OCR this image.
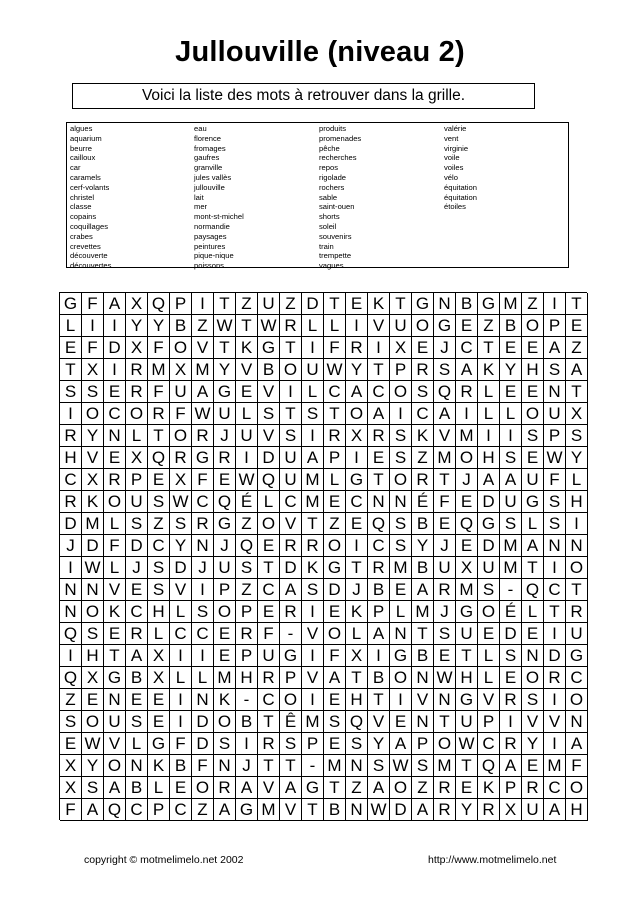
Jullouville (niveau 2)
Voici la liste des mots à retrouver dans la grille.
algues
aquarium
beurre
cailloux
car
caramels
cerf-volants
christel
classe
copains
coquillages
crabes
crevettes
découverte
découvertes
eau
florence
fromages
gaufres
granville
jules vallès
jullouville
lait
mer
mont-st-michel
normandie
paysages
peintures
pique-nique
poissons
produits
promenades
pêche
recherches
repos
rigolade
rochers
sable
saint-ouen
shorts
soleil
souvenirs
train
trempette
vagues
valérie
vent
virginie
voile
voiles
vélo
équitation
équitation
étoiles
G F A X Q P I T Z U Z D T E K T G N B G M Z I T
L I	I Y Y B Z W T W R L L I V U O G E Z B O P E
E F D X F O V T K G T I F R I X E J C T E E A Z
T X I R M X M Y V B O U W Y T P R S A K Y H S A
S S E R F U A G E V I L C A C O S Q R L E E N T
I O C O R F W U L S T S T O A I C A I L L O U X
R Y N L T O R J U V S I R X R S K V M I	I S P S
H V E X Q R G R I D U A P I E S Z M O H S E W Y
C X R P E X F E W Q U M L G T O R T J A A U F L
R K O U S W C Q É L C M E C N N É F E D U G S H
D M L S Z S R G Z O V T Z E Q S B E Q G S L S I
J D F D C Y N J Q E R R O I C S Y J E D M A N N
I W L J S D J U S T D K G T R M B U X U M T I O
N N V E S V I P Z C A S D J B E A R M S - Q C T
N O K C H L S O P E R I E K P L M J G O É L T R
Q S E R L C C E R F - V O L A N T S U E D E I U
I H T A X I	I E P U G I F X I G B E T L S N D G
Q X G B X L L M H R P V A T B O N W H L E O R C
Z E N E E I N K - C O I E H T I V N G V R S I O
S O U S E I D O B T Ê M S Q V E N T U P I V V N
E W V L G F D S I R S P E S Y A P O W C R Y I A
X Y O N K B F N J T T - M N S W S M T Q A E M F
X S A B L E O R A V A G T Z A O Z R E K P R C O
F A Q C P C Z A G M V T B N W D A R Y R X U A H
copyright © motmelimelo.net 2002	http://www.motmelimelo.net
